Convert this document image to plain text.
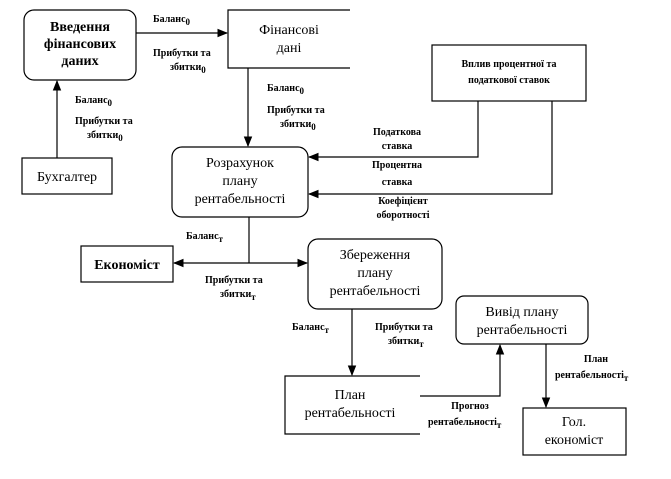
Введення
фінансових
даних
Фінансові
дані
Вплив процентної та
податкової ставок
Бухгалтер
Розрахунок
плану
рентабельності
Економіст
Збереження
плану
рентабельності
Вивід плану
рентабельності
План
рентабельності
Гол.
економіст
Баланс0
Прибутки та
збитки0
Баланс0
Прибутки та
збитки0
Баланс0
Прибутки та
збитки0	Податкова
ставка
Процентна
ставка
Коефіцієнт
оборотності
Баланст
Прибутки та
збиткит
Баланст	Прибутки та
збиткит
Прогноз
рентабельностіт
План
рентабельностіт
